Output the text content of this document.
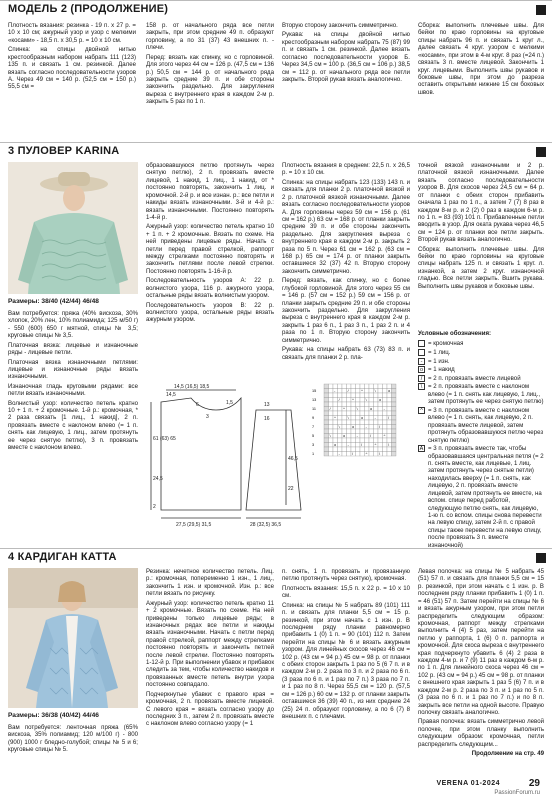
МОДЕЛЬ 2 (ПРОДОЛЖЕНИЕ)

Плотность вязания: резинка - 19 п. x 27 р. = 10 x 10 см; ажурный узор и узор с мелкими «косами» - 18,5 п. x 30,5 р. = 10 x 10 см.

Спинка: на спицы двойной нитью крестообразным набором набрать 111 (123) 135 п. и связать 1 см. резинкой. Далее вязать согласно последовательности узоров А. Через 49 см = 140 р. (52,5 см = 150 р.) 55,5 см =

158 р. от начального ряда все петли закрыть, при этом средние 49 п. образуют горловину, а по 31 (37) 43 внешних п. - плечи.

Перед: вязать как спинку, но с горловиной. Для этого через 44 см = 126 р. (47,5 см = 136 р.) 50,5 см = 144 р. от начального ряда закрыть средние 39 п. и обе стороны закончить раздельно. Для закругления выреза с внутреннего края в каждом 2-м р. закрыть 5 раз по 1 п.

Вторую сторону закончить симметрично.

Рукава: на спицы двойной нитью крестообразным набором набрать 75 (87) 99 п. и связать 1 см. резинкой. Далее вязать согласно последовательности узоров Б. Через 34,5 см = 100 р. (36,5 см = 106 р.) 38,5 см = 112 р. от начального ряда все петли закрыть. Второй рукав вязать аналогично.

Сборка: выполнить плечевые швы. Для бейки по краю горловины на круговые спицы набрать 96 п. и связать 1 круг л., далее связать 4 круг. узором с мелкими «косами», при этом в 4-м круг. 8 раз (=24 п.) связать 3 п. вместе лицевой. Закончить 1 круг. лицевыми. Выполнить швы рукавов и боковые швы, при этом до разреза оставить открытыми нижние 15 см боковых швов.

3 ПУЛОВЕР KARINA

образовавшуюся петлю протянуть через снятую петлю), 2 п. провязать вместе лицевой, 1 накид, 1 лиц., 1 накид, от * постоянно повторять, закончить 1 лиц. и кромочной. 2-й р. и все изнан. р.: все петли и накиды вязать изнаночными. 3-й и 4-й р.: вязать изнаночными. Постоянно повторять 1-4-й р.

Ажурный узор: количество петель кратно 10 + 1 п. + 2 кромочные. Вязать по схеме. На ней приведены лицевые ряды. Начать с петли перед правой стрелкой, раппорт между стрелками постоянно повторять и закончить петлями после левой стрелки. Постоянно повторять 1-16-й р.

Последовательность узоров А: 22 р. волнистого узора, 116 р. ажурного узора, остальные ряды вязать волнистым узором.

Последовательность узоров В: 22 р. волнистого узора, остальные ряды вязать ажурным узором.

Размеры: 38/40 (42/44) 46/48

Вам потребуется: пряжа (40% вискоза, 30% хлопок, 20% лен, 10% полиамида; 125 м/50 г) - 550 (600) 650 г мятной, спицы № 3,5; круговые спицы № 3,5.

Платочная вязка: лицевые и изнаночные ряды - лицевые петли.

Платочная вязка изнаночными петлями: лицевые и изнаночные ряды вязать изнаночными.

Изнаночная гладь круговыми рядами: все петли вязать изнаночными.

Волнистый узор: количество петель кратно 10 + 1 п. + 2 кромочные. 1-й р.: кромочная, * 2 раза связать [1 лиц., 1 накид], 2 п. провязать вместе с наклоном влево (= 1 п. снять как лицевую, 1 лиц., затем протянуть ее через снятую петлю), 3 п. провязать вместе с наклоном влево.

Плотность вязания в среднем: 22,5 п. x 26,5 р. = 10 x 10 см.

Спинка: на спицы набрать 123 (133) 143 п. и связать для планки 2 р. платочной вязкой и 2 р. платочной вязкой изнаночными. Далее вязать согласно последовательности узоров А. Для горловины через 59 см = 156 р. (61 см = 162 р.) 63 см = 168 р. от планки закрыть средние 39 п. и обе стороны закончить раздельно. Для закругления выреза с внутреннего края в каждом 2-м р. закрыть 2 раза по 5 п. Через 61 см = 162 р. (63 см = 168 р.) 65 см = 174 р. от планки закрыть оставшиеся 32 (37) 42 п. Вторую сторону закончить симметрично.

Перед: вязать, как спинку, но с более глубокой горловиной. Для этого через 55 см = 146 р. (57 см = 152 р.) 59 см = 156 р. от планки закрыть средние 29 п. и обе стороны закончить раздельно. Для закругления выреза с внутреннего края в каждом 2-м р. закрыть 1 раз 6 п., 1 раз 3 п., 1 раз 2 п. и 4 раза по 1 п. Вторую сторону закончить симметрично.

Рукава: на спицы набрать 63 (73) 83 п. и связать для планки 2 р. пла-

точной вязкой изнаночными и 2 р. платочной вязкой изнаночными. Далее вязать согласно последовательности узоров В. Для скосов через 24,5 см = 64 р. от планки с обеих сторон прибавить сначала 1 раз по 1 п., а затем 7 (7) 8 раз в каждом 8-м р. и 2 (2) 0 раз в каждом 6-м р. по 1 п. = 83 (93) 101 п. Прибавленные петли вводить в узор. Для оката рукава через 46,5 см = 124 р. от планки все петли закрыть. Второй рукав вязать аналогично.

Сборка: выполнить плечевые швы. Для бейки по краю горловины на круговые спицы набрать 125 п. и связать 1 круг. л. изнанкой, а затем 2 круг. изнаночной гладью. Все петли закрыть. Вшить рукава. Выполнить швы рукавов и боковые швы.

14,5 (16,5) 18,5
6	1,5
3
14,5
61 (63) 65
24,5
2
27,5 (29,5) 31,5
46,5
22
28 (32,5) 36,5
13
16
-	/	^	\	o
/	^	\	o
/	^	\	o	-
^	\	o	-	/
\	o	-	/
\	o	-	/	^
o	-	/	^	\
-	/	^	\
15
13
11
9
7
5
3
1

Условные обозначения:

= кромочная
= 1 лиц.
- = 1 изн.
o = 1 накид
/ = 2 п. провязать вместе лицевой
\ = 2 п. провязать вместе с наклоном влево (= 1 п. снять как лицевую, 1 лиц., затем протянуть ее через снятую петлю)
^ = 3 п. провязать вместе с наклоном влево (= 1 п. снять, как лицевую, 2 п. провязать вместе лицевой, затем протянуть образовавшуюся петлю через снятую петлю)
A = 3 п. провязать вместе так, чтобы образовавшаяся центральная петля (= 2 п. снять вместе, как лицевые, 1 лиц. затем протянуть через снятые петли) находилась вверху (= 1 п. снять, как лицевую, 2 п. провязать вместе лицевой, затем протянуть ее вместе, на вспом. спице перед работой, следующую петлю снять, как лицевую, 1-ю п. со вспом. спицы снова перевести на левую спицу, затем 2-й п. с правой спицы также перевести на левую спицу, после провязать 3 п. вместе изнаночной)
4 КАРДИГАН КАТТА
Размеры: 36/38 (40/42) 44/46

Вам потребуется: ленточная пряжа (65% вискоза, 35% полиамид; 120 м/100 г) - 800 (900) 1000 г бледно-голубой; спицы № 5 и 6; круговые спицы № 5.

Резинка: нечетное количество петель. Лиц. р.: кромочная, попеременно 1 изн., 1 лиц., закончить 1 изн. и кромочной. Изн. р.: все петли вязать по рисунку.

Ажурный узор: количество петель кратно 11 + 2 кромочные. Вязать по схеме. На ней приведены только лицевые ряды; в изнаночных рядах все петли и накиды вязать изнаночными. Начать с петли перед правой стрелкой, раппорт между стрелками постоянно повторять и закончить петлей после левой стрелки. Постоянно повторять 1-12-й р. При выполнении убавок и прибавок следить за тем, чтобы количество накидов и провязанных вместе петель внутри узора постоянно совпадало.

Подчеркнутые убавки: с правого края = кромочная, 2 п. провязать вместе лицевой. С левого края = вязать согласно узору до последних 3 п., затем 2 п. провязать вместе с наклоном влево согласно узору (= 1

п. снять, 1 п. провязать и провязанную петлю протянуть через снятую), кромочная.

Плотность вязания: 15,5 п. x 22 р. = 10 x 10 см.

Спинка: на спицы № 5 набрать 89 (101) 111 п. и связать для планки 5,5 см = 15 р. резинкой, при этом начать с 1 изн. р. В последнем ряду планки равномерно прибавить 1 (0) 1 п. = 90 (101) 112 п. Затем перейти на спицы № 6 и вязать ажурным узором. Для линейных скосов через 46 см = 102 р. (43 см = 94 р.) 45 см = 98 р. от планки с обеих сторон закрыть 1 раз по 5 (6 7 п. и в каждом 2-м р. 2 раза по 3 п. и 2 раза по 6 п. (3 раза по 6 п. и 1 раз по 7 п.) 3 раза по 7 п. и 1 раз по 8 п. Через 55,5 см = 120 р. (57,5 см = 126 р.) 60 см = 132 р. от планки закрыть оставшиеся 36 (39) 40 п., из них средние 24 (25) 24 п. образуют горловину, а по 6 (7) 8 внешних п. с плечами.

Левая полочка: на спицы № 5 набрать 45 (51) 57 п. и связать для планки 5,5 см = 15 р. резинкой, при этом начать с 1 изн. р. В последнем ряду планки прибавить 1 (0) 1 п. = 46 (51) 57 п. Затем перейти на спицы № 6 и вязать ажурным узором, при этом петли распределить следующим образом: кромочная, раппорт между стрелками выполнить 4 (4) 5 раз, затем перейти на петлю у раппорта, 1 (6) 0 п. раппорта и кромочной. Для скоса выреза с внутреннего края подчеркнуто убавить 6 (4) 2 раза в каждом 4-м р. и 7 (9) 11 раз в каждом 6-м р. по 1 п. Для линейного скоса через 46 см = 102 р. (43 см = 94 р.) 45 см = 98 р. от планки с внешнего края закрыть 1 раз 5 (6) 7 п. и в каждом 2-м р. 2 раза по 3 п. и 1 раз по 5 п. (3 раза по 6 п. и 1 раз по 7 п.) и по 8 п. закрыть все петли на одной высоте. Правую полочку связать аналогично.

Правая полочка: вязать симметрично левой полочке, при этом планку выполнить следующим образом: кромочная, петли распределить следующим...

Продолжение на стр. 49

VERENA 01-2024	29
PassionForum.ru
